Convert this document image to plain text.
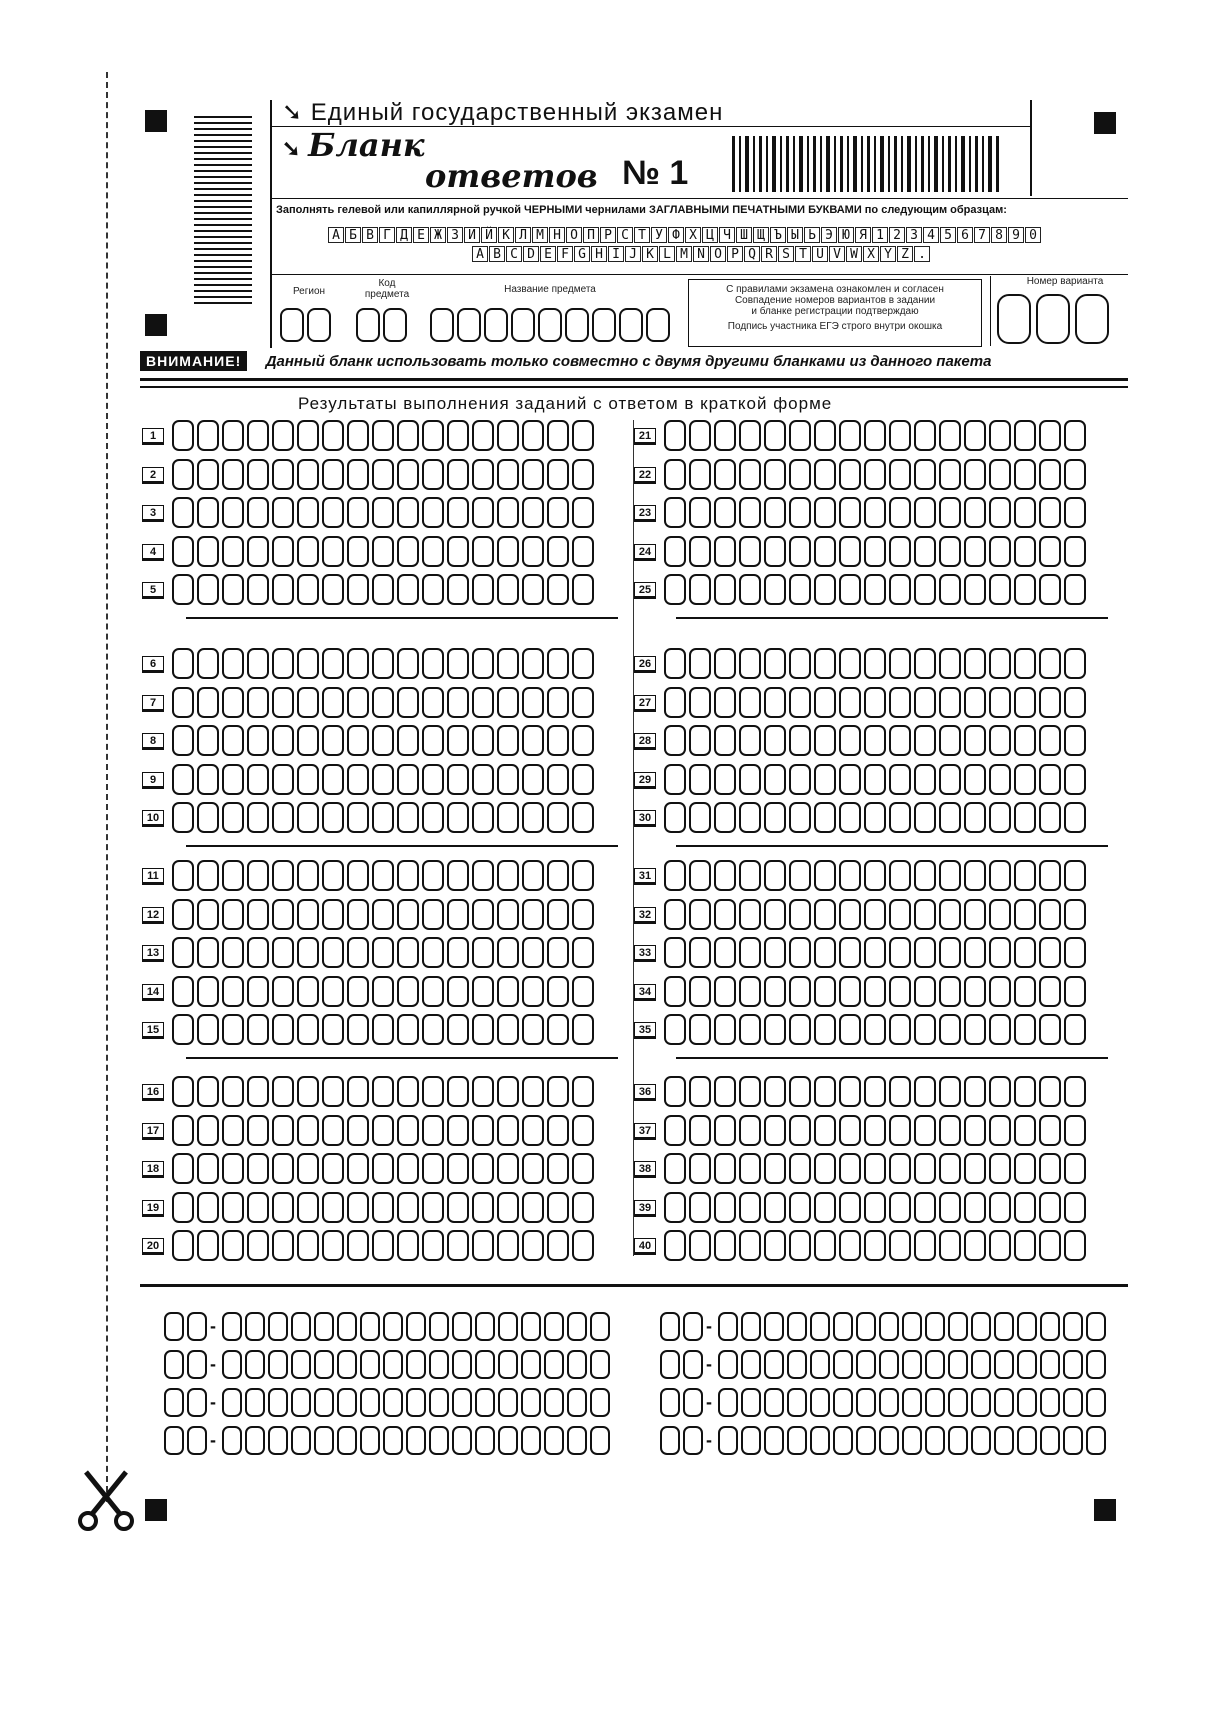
➘ Единый государственный экзамен
➘ Бланк
ответов № 1
Заполнять гелевой или капиллярной ручкой ЧЕРНЫМИ чернилами ЗАГЛАВНЫМИ ПЕЧАТНЫМИ БУКВАМИ по следующим образцам:
А Б В Г Д Е Ж З И Й К Л М Н О П Р С Т У Ф Х Ц Ч Ш Щ Ъ Ы Ь Э Ю Я 1 2 3 4 5 6 7 8 9 0
A B C D E F G H I J K L M N O P Q R S T U V W X Y Z .
Регион
Код
предмета	Название предмета
Номер варианта
С правилами экзамена ознакомлен и согласен
Совпадение номеров вариантов в задании
и бланке регистрации подтверждаю
Подпись участника ЕГЭ строго внутри окошка
ВНИМАНИЕ! Данный бланк использовать только совместно с двумя другими бланками из данного пакета
Результаты выполнения заданий с ответом в краткой форме
1	21
2	22
3	23
4	24
5	25
6	26
7	27
8	28
9	29
10	30
11	31
12	32
13	33
14	34
15	35
16	36
17	37
18	38
19	39
20	40
-	-
-	-
-	-
-	-
